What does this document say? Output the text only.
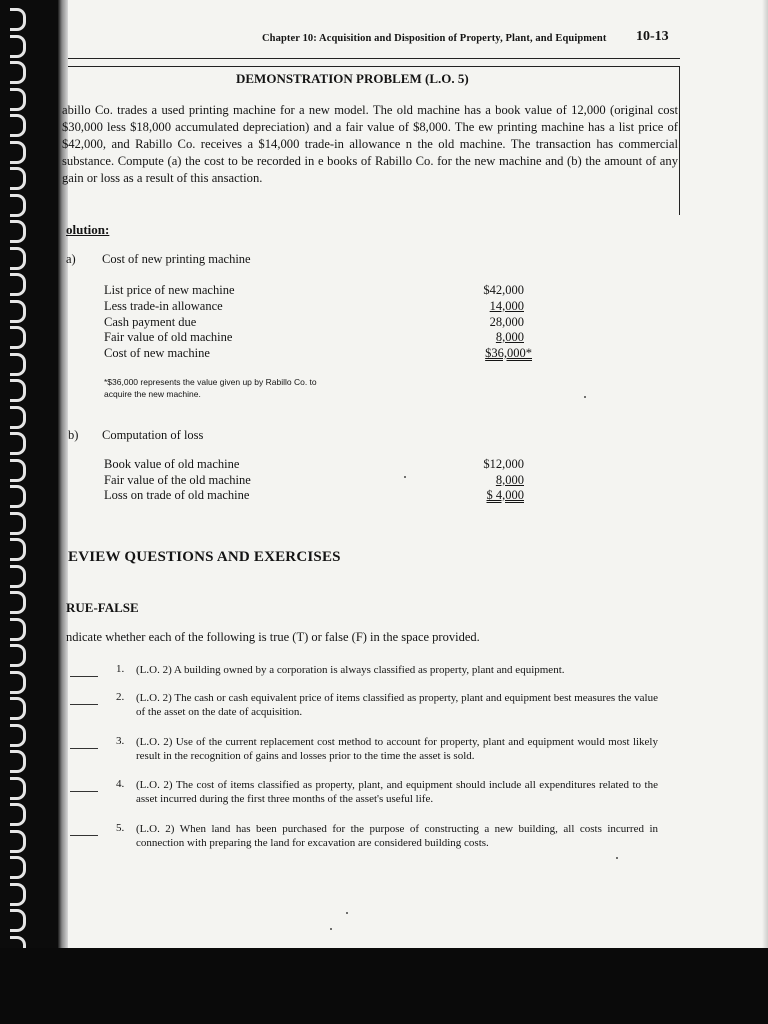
Chapter 10: Acquisition and Disposition of Property, Plant, and Equipment 10-13
DEMONSTRATION PROBLEM (L.O. 5)
abillo Co. trades a used printing machine for a new model. The old machine has a book value of 12,000 (original cost $30,000 less $18,000 accumulated depreciation) and a fair value of $8,000. The ew printing machine has a list price of $42,000, and Rabillo Co. receives a $14,000 trade-in allowance n the old machine. The transaction has commercial substance. Compute (a) the cost to be recorded in e books of Rabillo Co. for the new machine and (b) the amount of any gain or loss as a result of this ansaction.
olution:
a) Cost of new printing machine
List price of new machine	$42,000
Less trade-in allowance	14,000
Cash payment due	28,000
Fair value of old machine	8,000
Cost of new machine	$36,000*
*$36,000 represents the value given up by Rabillo Co. to acquire the new machine.
b) Computation of loss
Book value of old machine	$12,000
Fair value of the old machine	8,000
Loss on trade of old machine	$ 4,000
EVIEW QUESTIONS AND EXERCISES
RUE-FALSE
ndicate whether each of the following is true (T) or false (F) in the space provided.
1. (L.O. 2) A building owned by a corporation is always classified as property, plant and equipment.
2. (L.O. 2) The cash or cash equivalent price of items classified as property, plant and equipment best measures the value of the asset on the date of acquisition.
3. (L.O. 2) Use of the current replacement cost method to account for property, plant and equipment would most likely result in the recognition of gains and losses prior to the time the asset is sold.
4. (L.O. 2) The cost of items classified as property, plant, and equipment should include all expenditures related to the asset incurred during the first three months of the asset's useful life.
5. (L.O. 2) When land has been purchased for the purpose of constructing a new building, all costs incurred in connection with preparing the land for excavation are considered building costs.
